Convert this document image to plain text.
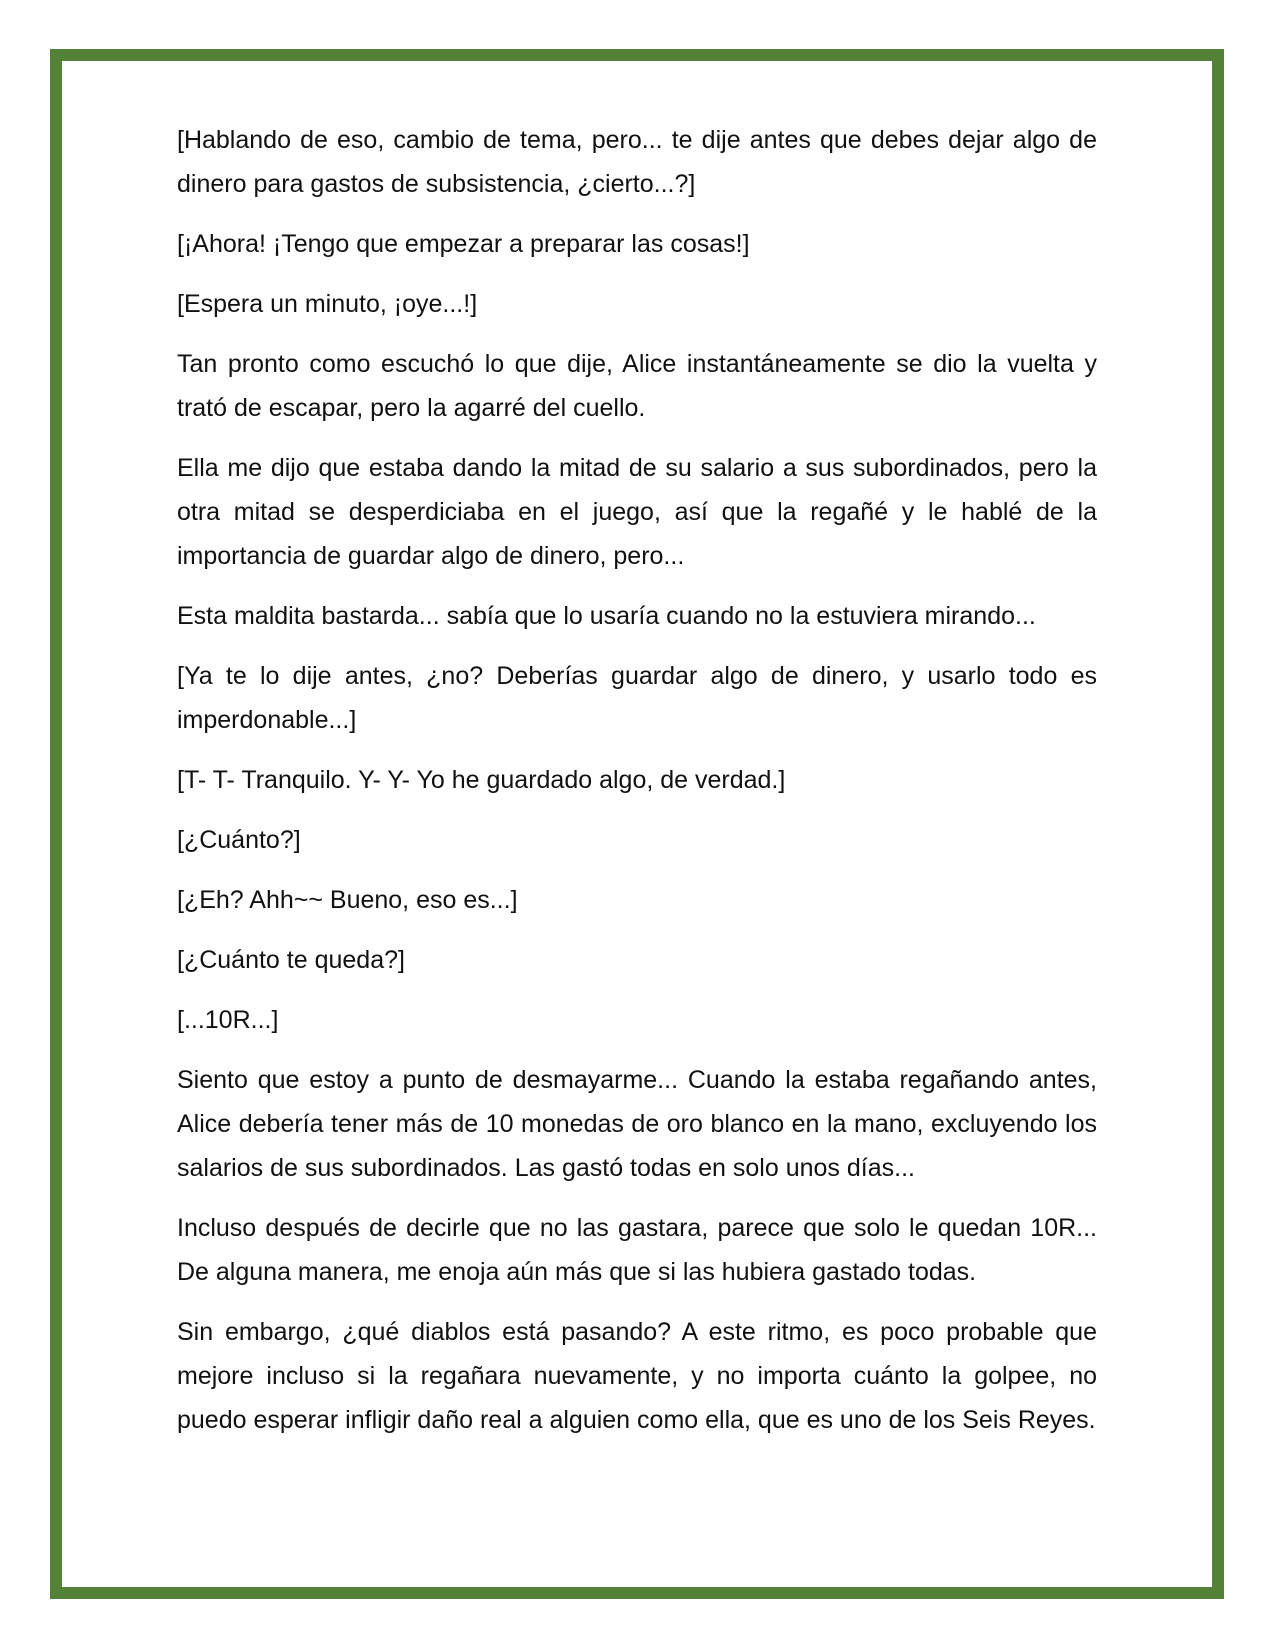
[Hablando de eso, cambio de tema, pero... te dije antes que debes dejar algo de dinero para gastos de subsistencia, ¿cierto...?]

[¡Ahora! ¡Tengo que empezar a preparar las cosas!]

[Espera un minuto, ¡oye...!]

Tan pronto como escuchó lo que dije, Alice instantáneamente se dio la vuelta y trató de escapar, pero la agarré del cuello.

Ella me dijo que estaba dando la mitad de su salario a sus subordinados, pero la otra mitad se desperdiciaba en el juego, así que la regañé y le hablé de la importancia de guardar algo de dinero, pero...

Esta maldita bastarda... sabía que lo usaría cuando no la estuviera mirando...

[Ya te lo dije antes, ¿no? Deberías guardar algo de dinero, y usarlo todo es imperdonable...]

[T- T- Tranquilo. Y- Y- Yo he guardado algo, de verdad.]

[¿Cuánto?]

[¿Eh? Ahh~~ Bueno, eso es...]

[¿Cuánto te queda?]

[...10R...]

Siento que estoy a punto de desmayarme... Cuando la estaba regañando antes, Alice debería tener más de 10 monedas de oro blanco en la mano, excluyendo los salarios de sus subordinados. Las gastó todas en solo unos días...

Incluso después de decirle que no las gastara, parece que solo le quedan 10R... De alguna manera, me enoja aún más que si las hubiera gastado todas.

Sin embargo, ¿qué diablos está pasando? A este ritmo, es poco probable que mejore incluso si la regañara nuevamente, y no importa cuánto la golpee, no puedo esperar infligir daño real a alguien como ella, que es uno de los Seis Reyes.
